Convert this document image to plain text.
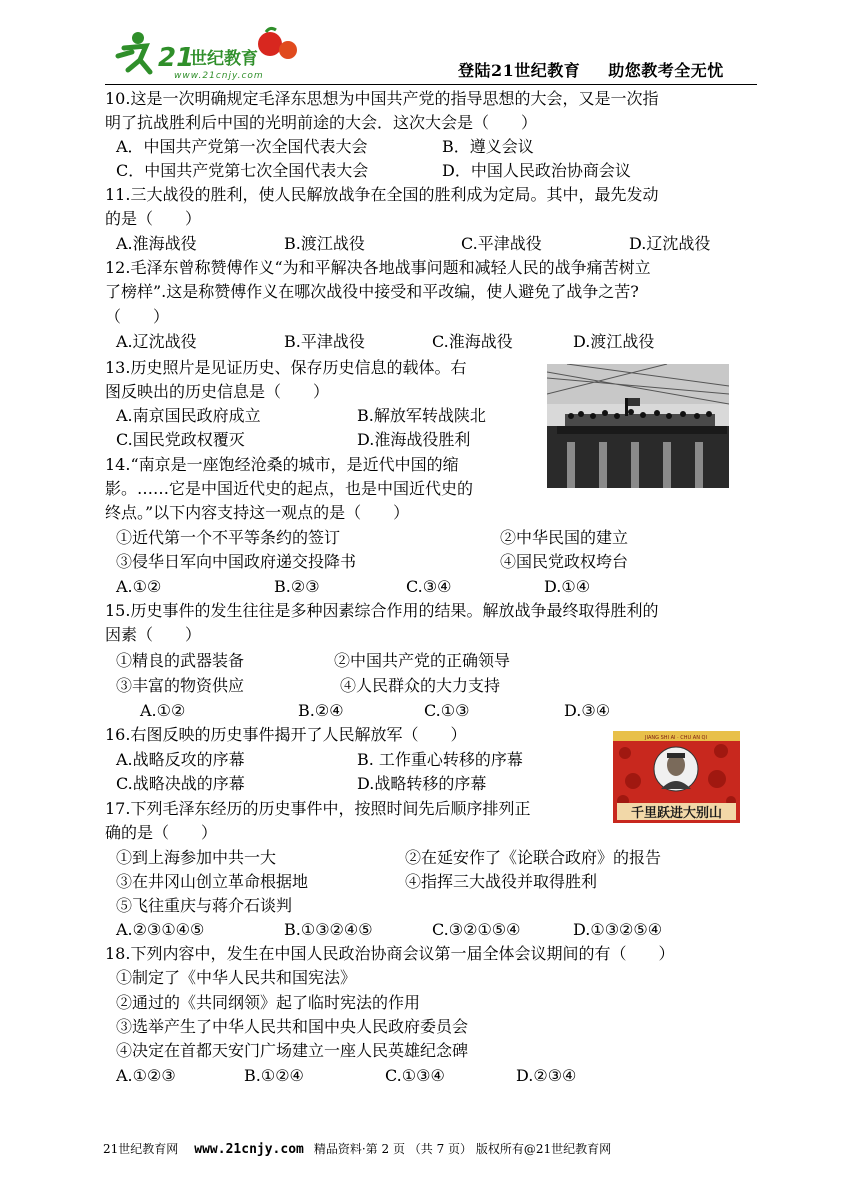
21
世纪教育
www.21cnjy.com	登陆21世纪教育 助您教考全无忧
10.这是一次明确规定毛泽东思想为中国共产党的指导思想的大会，又是一次指
明了抗战胜利后中国的光明前途的大会．这次大会是（　　）
A．中国共产党第一次全国代表大会	B．遵义会议
C．中国共产党第七次全国代表大会	D．中国人民政治协商会议
11.三大战役的胜利，使人民解放战争在全国的胜利成为定局。其中，最先发动
的是（　　）
A.淮海战役	B.渡江战役	C.平津战役	D.辽沈战役
12.毛泽东曾称赞傅作义“为和平解决各地战事问题和减轻人民的战争痛苦树立
了榜样”.这是称赞傅作义在哪次战役中接受和平改编，使人避免了战争之苦?
（　　）
A.辽沈战役	B.平津战役	C.淮海战役	D.渡江战役
13.历史照片是见证历史、保存历史信息的载体。右
图反映出的历史信息是（　　）
A.南京国民政府成立	B.解放军转战陕北
C.国民党政权覆灭	D.淮海战役胜利
14.“南京是一座饱经沧桑的城市，是近代中国的缩
影。……它是中国近代史的起点，也是中国近代史的
终点。”以下内容支持这一观点的是（　　）
①近代第一个不平等条约的签订	②中华民国的建立
③侵华日军向中国政府递交投降书	④国民党政权垮台
A.①②	B.②③	C.③④	D.①④
15.历史事件的发生往往是多种因素综合作用的结果。解放战争最终取得胜利的
因素（　　）
①精良的武器装备	②中国共产党的正确领导
③丰富的物资供应	④人民群众的大力支持
A.①②	B.②④	C.①③	D.③④
16.右图反映的历史事件揭开了人民解放军（　　）
A.战略反攻的序幕	B. 工作重心转移的序幕
C.战略决战的序幕	D.战略转移的序幕
JIANG SHI AI · CHU AN QI
千里跃进大别山
17.下列毛泽东经历的历史事件中，按照时间先后顺序排列正
确的是（　　）
①到上海参加中共一大	②在延安作了《论联合政府》的报告
③在井冈山创立革命根据地	④指挥三大战役并取得胜利
⑤飞往重庆与蒋介石谈判
A.②③①④⑤	B.①③②④⑤	C.③②①⑤④	D.①③②⑤④
18.下列内容中，发生在中国人民政治协商会议第一届全体会议期间的有（　　）
①制定了《中华人民共和国宪法》
②通过的《共同纲领》起了临时宪法的作用
③选举产生了中华人民共和国中央人民政府委员会
④决定在首都天安门广场建立一座人民英雄纪念碑
A.①②③	B.①②④	C.①③④	D.②③④
21世纪教育网 www.21cnjy.com 精品资料·第 2 页 （共 7 页） 版权所有@21世纪教育网
